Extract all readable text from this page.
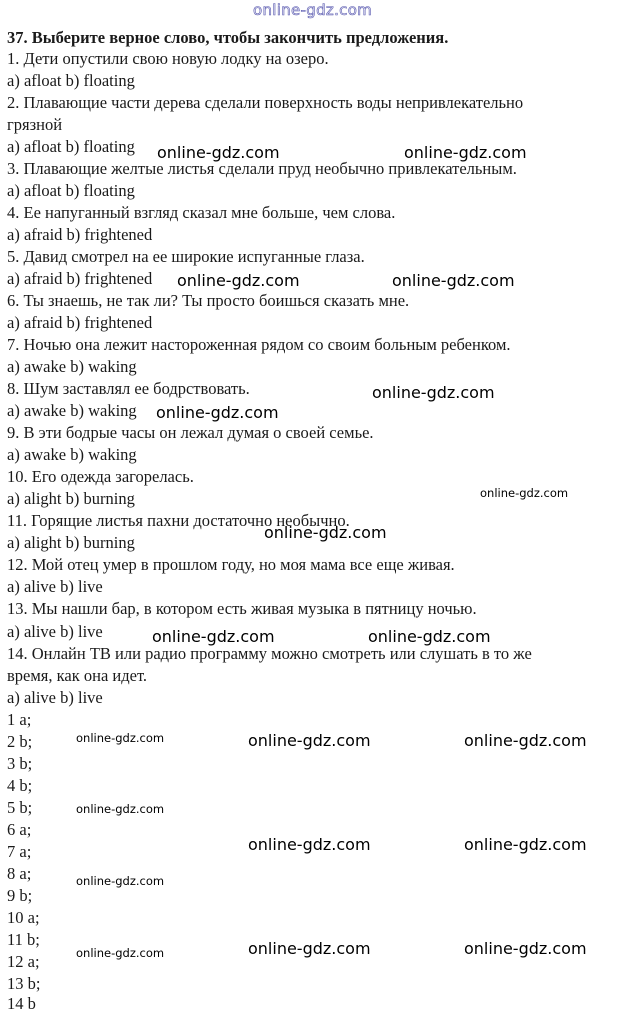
online-gdz.com

37. Выберите верное слово, чтобы закончить предложения.

1. Дети опустили свою новую лодку на озеро.

a) afloat b) floating

2. Плавающие части дерева сделали поверхность воды непривлекательно

грязной

a) afloat b) floating

3. Плавающие желтые листья сделали пруд необычно привлекательным.

a) afloat b) floating

4. Ее напуганный взгляд сказал мне больше, чем слова.

a) afraid b) frightened

5. Давид смотрел на ее широкие испуганные глаза.

a) afraid b) frightened

6. Ты знаешь, не так ли? Ты просто боишься сказать мне.

a) afraid b) frightened

7. Ночью она лежит настороженная рядом со своим больным ребенком.

a) awake b) waking

8. Шум заставлял ее бодрствовать.

a) awake b) waking

9. В эти бодрые часы он лежал думая о своей семье.

a) awake b) waking

10. Его одежда загорелась.

a) alight b) burning

11. Горящие листья пахни достаточно необычно.

a) alight b) burning

12. Мой отец умер в прошлом году, но моя мама все еще живая.

a) alive b) live

13. Мы нашли бар, в котором есть живая музыка в пятницу ночью.

a) alive b) live

14. Онлайн ТВ или радио программу можно смотреть или слушать в то же

время, как она идет.

a) alive b) live

1 a;

2 b;

3 b;

4 b;

5 b;

6 a;

7 a;

8 a;

9 b;

10 a;

11 b;

12 a;

13 b;

14 b

online-gdz.com	online-gdz.com
online-gdz.com	online-gdz.com
online-gdz.com
online-gdz.com
online-gdz.com
online-gdz.com
online-gdz.com	online-gdz.com
online-gdz.com	online-gdz.com	online-gdz.com
online-gdz.com
online-gdz.com	online-gdz.com
online-gdz.com
online-gdz.com	online-gdz.com	online-gdz.com
